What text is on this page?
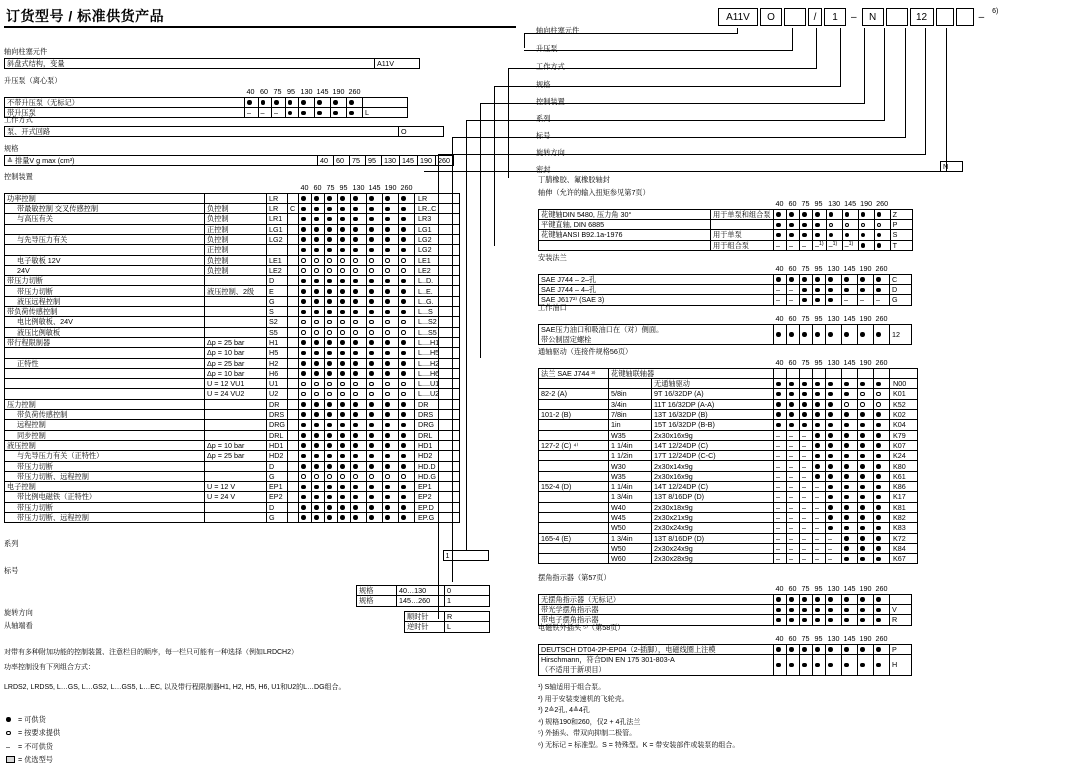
订货型号 / 标准供货产品	A11V	O		/	1	–	N		12			–	6)
轴向柱塞元件
升压泵
工作方式
规格
控制装置
系列
标号
旋转方向
密封
轴向柱塞元件
斜盘式结构，变量	A11V
升压泵（离心泵）
	40	60	75	95	130	145	190	260	
不带升压泵（无标记）									
带升压泵	–	–	–						L
工作方式
泵、开式回路	O
规格
≙ 排量V g max (cm³)	40	60	75	95	130	145	190	260
控制装置
				40	60	75	95	130	145	190	260	
功率控制		LR										LR
带最敏控制 交叉传感控制	负控制	LR	C									LR..C
与高压有关	负控制	LR1										LR3
	正控制	LG1										LG1
与先导压力有关	负控制	LG2										LG2
	正控制											LG2
电子敏板 12V	负控制	LE1										LE1
24V	负控制	LE2										LE2
带压力切断		D										L..D.
带压力切断	液压控制、2级	E										L..E.
液压远程控制		G										L..G.
带负荷传感控制		S										L...S
电比例敏板、24V		S2										L...S2
液压比例敏板		S5										L...S5
带行程限制器	Δp = 25 bar	H1										L....H1
	Δp = 10 bar	H5										L....H5
正特性	Δp = 25 bar	H2										L....H2
	Δp = 10 bar	H6										L....H6
	U = 12 VU1	U1										L....U1
	U = 24 VU2	U2										L....U2
压力控制		DR										DR
带负荷传感控制		DRS										DRS
远程控制		DRG										DRG
同步控制		DRL										DRL
液压控制	Δp = 10 bar	HD1										HD1
与先导压力有关（正特性）	Δp = 25 bar	HD2										HD2
带压力切断		D										HD.D
带压力切断、远程控制		G										HD.G
电子控制	U = 12 V	EP1										EP1
带比例电磁铁（正特性）	U = 24 V	EP2										EP2
带压力切断		D										EP.D
带压力切断、远程控制		G										EP.G
系列
	1
标号
规格	40…130	0
规格	145…260	1
旋转方向
从轴端看
顺时针	R
逆时针	L
对带有多种附加功能的控制装置、注意栏目的顺序，每一栏只可能有一种选择（例如LRDCH2）
功率控制没有下列组合方式：
LRDS2, LRDS5, L…GS, L…GS2, L…GS5, L…EC, 以及带行程限制器H1, H2, H5, H6, U1和U2的L…DG组合。
= 可供货
= 按要求提供
– = 不可供货
= 优选型号
N
丁腈橡胶、氟橡胶轴封
轴伸（允许的输入扭矩参见第7页）
		40	60	75	95	130	145	190	260	
花键轴DIN 5480, 压力角 30°	用于单泵和组合泵									Z
平键直轴, DIN 6885										P
花键轴ANSI B92.1a-1976	用于单泵									S
	用于组合泵	–	–	–	–$^{1)}$	–$^{1)}$	–$^{1)}$			T
安装法兰
	40	60	75	95	130	145	190	260	
SAE J744 – 2–孔									C
SAE J744 – 4–孔	–	–							D
SAE J617²⁾ (SAE 3)	–	–				–	–	–	G
工作油口
	40	60	75	95	130	145	190	260	
SAE压力油口和吸油口在（对）侧面。									12
带公制固定螺栓									
通轴驱动（连接件规格56页）
			40	60	75	95	130	145	190	260	
法兰 SAE J744 ³⁾	花键轴联轴器										
		无通轴驱动									N00
82-2 (A)	5/8in	9T 16/32DP (A)									K01
	3/4in	11T 16/32DP (A-A)									K52
101-2 (B)	7/8in	13T 16/32DP (B)									K02
	1in	15T 16/32DP (B-B)									K04
	W35	2x30x16x9g	–	–	–						K79
127-2 (C) ⁴⁾	1 1/4in	14T 12/24DP (C)	–	–	–						K07
	1 1/2in	17T 12/24DP (C-C)	–	–	–						K24
	W30	2x30x14x9g	–	–	–						K80
	W35	2x30x16x9g	–	–	–						K61
152-4 (D)	1 1/4in	14T 12/24DP (C)	–	–	–	–					K86
	1 3/4in	13T 8/16DP (D)	–	–	–	–					K17
	W40	2x30x18x9g	–	–	–	–					K81
	W45	2x30x21x9g	–	–	–	–					K82
	W50	2x30x24x9g	–	–	–	–					K83
165-4 (E)	1 3/4in	13T 8/16DP (D)	–	–	–	–	–				K72
	W50	2x30x24x9g	–	–	–	–	–				K84
	W60	2x30x28x9g	–	–	–	–	–				K67
摆角指示器（第57页）
	40	60	75	95	130	145	190	260	
无摆角指示器（无标记）									
带光学摆角指示器									V
带电子摆角指示器									R
电磁铁外插头 ⁵⁾（第58页）
	40	60	75	95	130	145	190	260	
DEUTSCH DT04-2P-EP04（2-插脚），电磁线圈上注模									P
Hirschmann，符合DIN EN 175 301-803-A									H
（不适用于新项目）									
¹) S轴适用于组合泵。
²) 用于安装变速机的飞轮壳。
³) 2≙2孔, 4≙4孔
⁴) 规格190和260，仅2 + 4孔法兰
⁵) 外插头、带双向抑制二极管。
⁶) 无标记 = 标准型。S = 特殊型。K = 带安装部件或装泵的组合。
